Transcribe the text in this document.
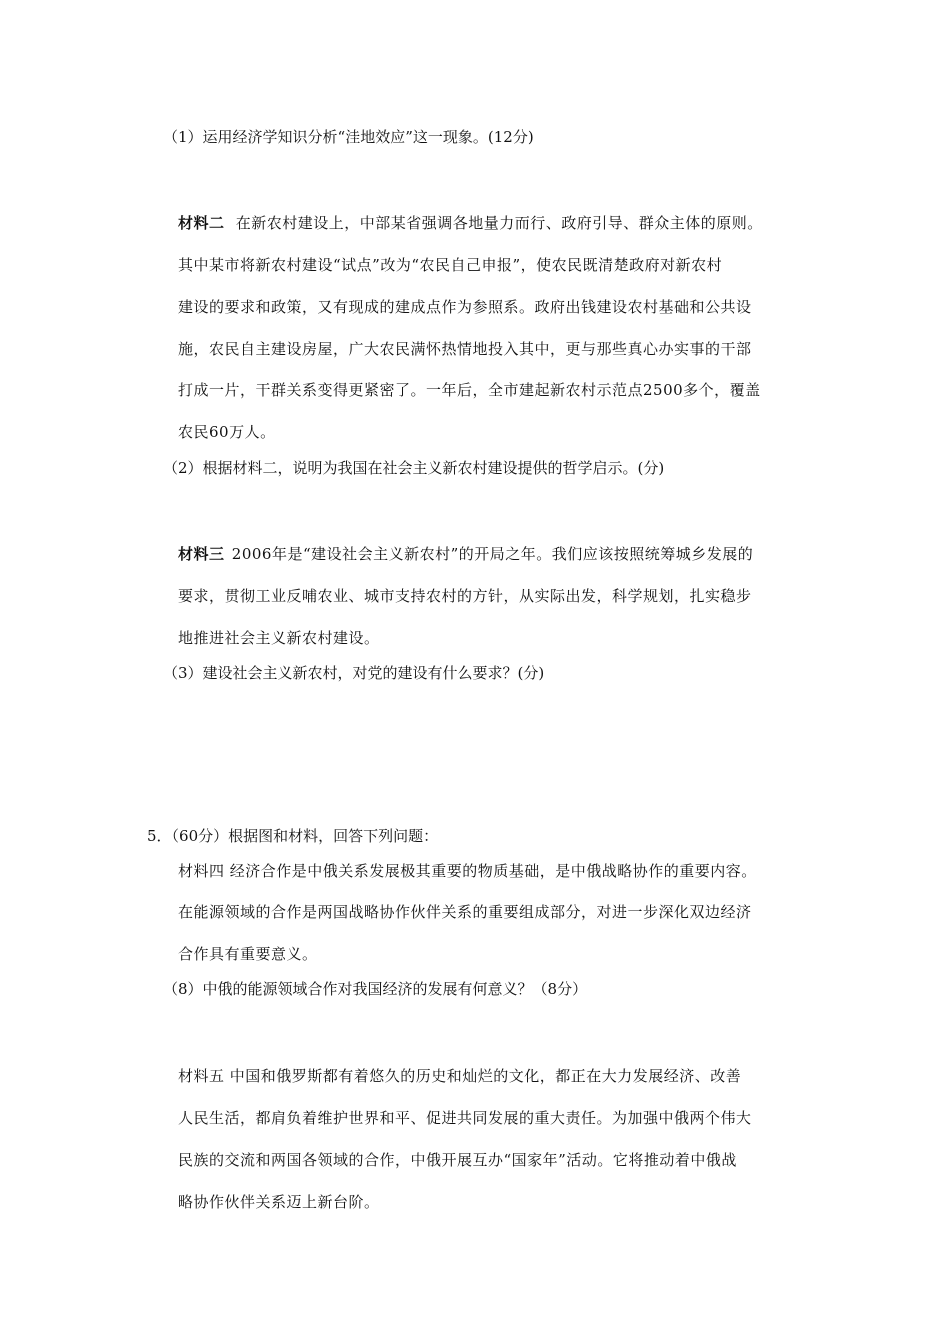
（1）运用经济学知识分析“洼地效应”这一现象。(12分)
材料二 在新农村建设上，中部某省强调各地量力而行、政府引导、群众主体的原则。
其中某市将新农村建设“试点”改为“农民自己申报”，使农民既清楚政府对新农村
建设的要求和政策，又有现成的建成点作为参照系。政府出钱建设农村基础和公共设
施，农民自主建设房屋，广大农民满怀热情地投入其中，更与那些真心办实事的干部
打成一片，干群关系变得更紧密了。一年后，全市建起新农村示范点2500多个，覆盖
农民60万人。
（2）根据材料二，说明为我国在社会主义新农村建设提供的哲学启示。(分)
材料三 2006年是“建设社会主义新农村”的开局之年。我们应该按照统筹城乡发展的
要求，贯彻工业反哺农业、城市支持农村的方针，从实际出发，科学规划，扎实稳步
地推进社会主义新农村建设。
（3）建设社会主义新农村，对党的建设有什么要求？(分)
5．（60分）根据图和材料，回答下列问题：
材料四 经济合作是中俄关系发展极其重要的物质基础，是中俄战略协作的重要内容。
在能源领域的合作是两国战略协作伙伴关系的重要组成部分，对进一步深化双边经济
合作具有重要意义。
（8）中俄的能源领域合作对我国经济的发展有何意义？（8分）
材料五 中国和俄罗斯都有着悠久的历史和灿烂的文化，都正在大力发展经济、改善
人民生活，都肩负着维护世界和平、促进共同发展的重大责任。为加强中俄两个伟大
民族的交流和两国各领域的合作，中俄开展互办“国家年”活动。它将推动着中俄战
略协作伙伴关系迈上新台阶。
